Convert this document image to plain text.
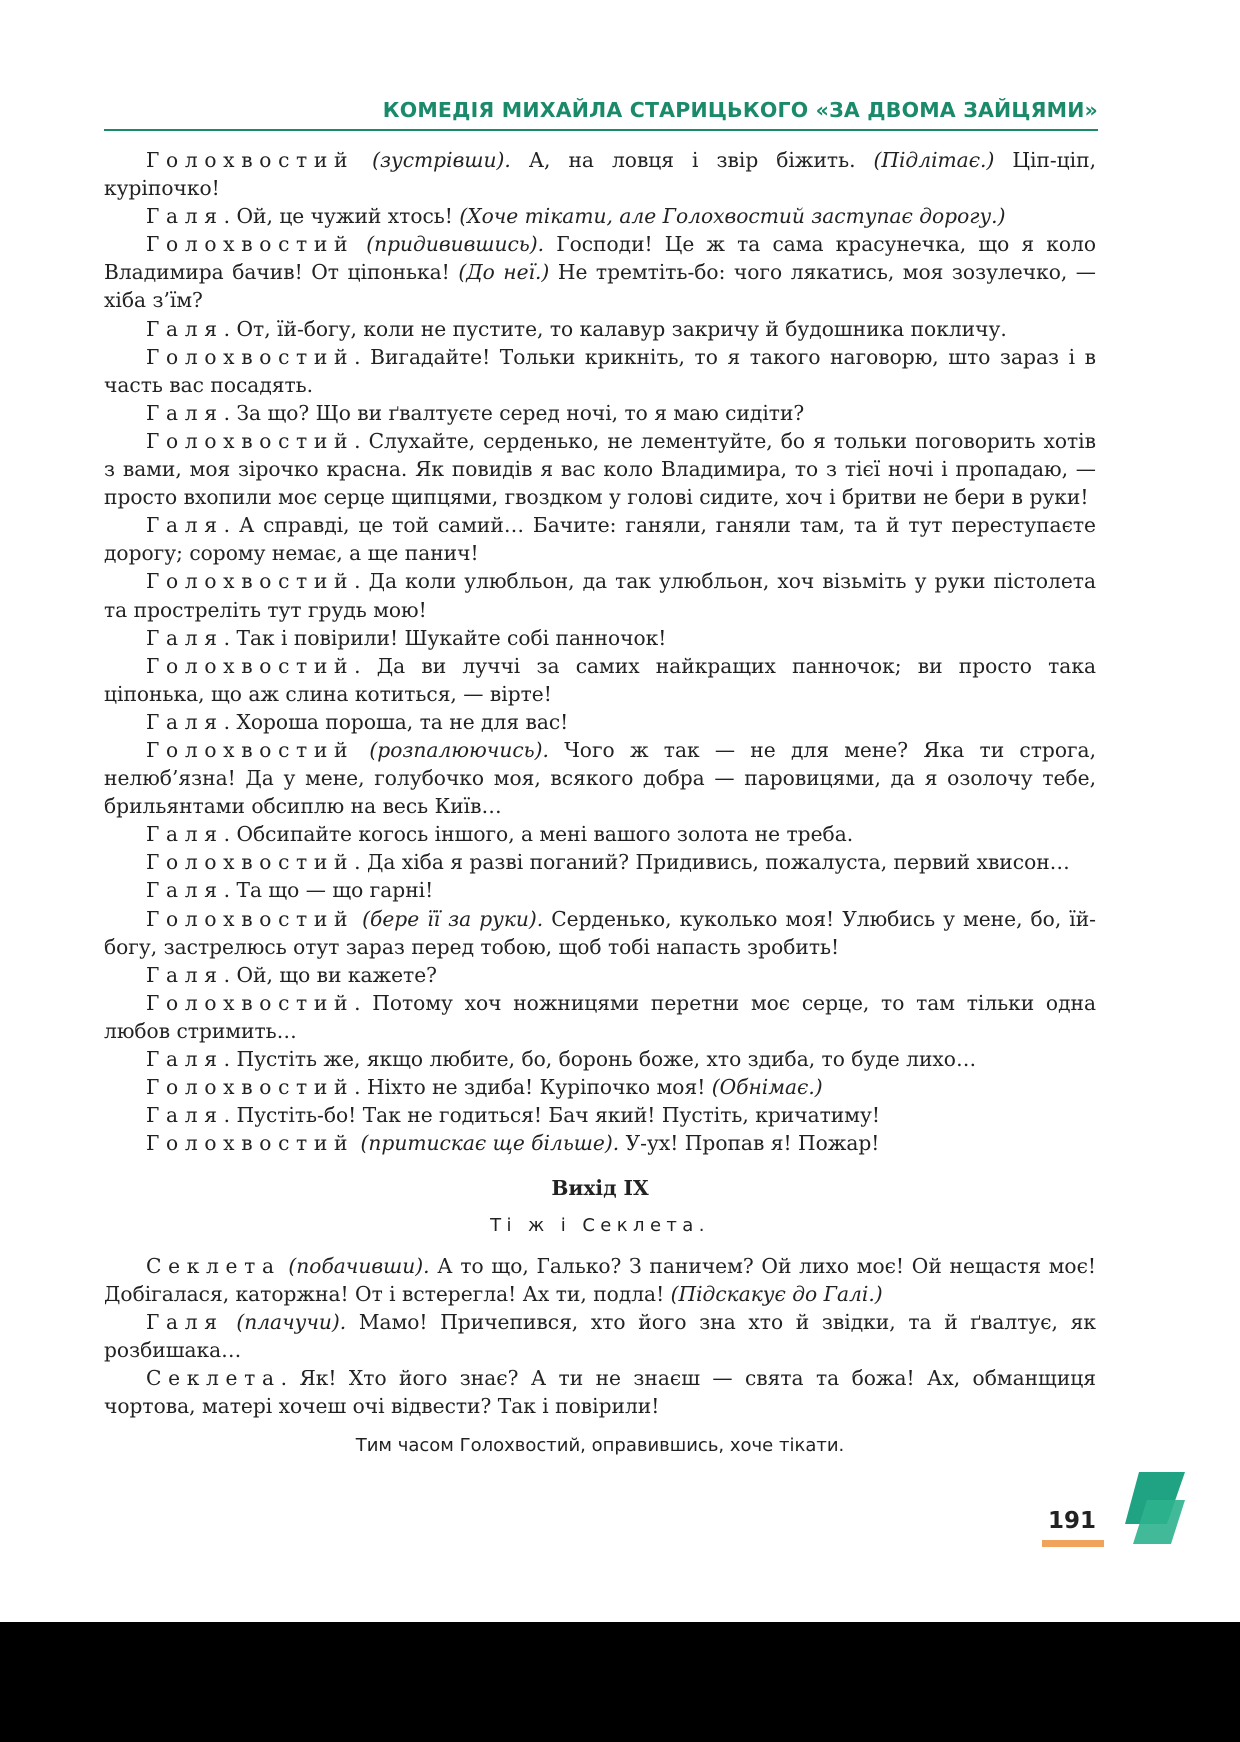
КОМЕДІЯ МИХАЙЛА СТАРИЦЬКОГО «ЗА ДВОМА ЗАЙЦЯМИ»

Голохвостий (зустрівши). А, на ловця і звір біжить. (Підлітає.) Ціп-ціп, куріпочко!

Галя. Ой, це чужий хтось! (Хоче тікати, але Голохвостий заступає дорогу.)

Голохвостий (придивившись). Господи! Це ж та сама красунечка, що я коло Владимира бачив! От ціпонька! (До неї.) Не тремтіть-бо: чого лякатись, моя зозулечко, — хіба з’їм?

Галя. От, їй-богу, коли не пустите, то калавур закричу й будошника покличу.

Голохвостий. Вигадайте! Тольки крикніть, то я такого наговорю, што зараз і в часть вас посадять.

Галя. За що? Що ви ґвалтуєте серед ночі, то я маю сидіти?

Голохвостий. Слухайте, серденько, не лементуйте, бо я тольки поговорить хотів з вами, моя зірочко красна. Як повидів я вас коло Владимира, то з тієї ночі і пропадаю, — просто вхопили моє серце щипцями, гвоздком у голові сидите, хоч і бритви не бери в руки!

Галя. А справді, це той самий… Бачите: ганяли, ганяли там, та й тут переступаєте дорогу; сорому немає, а ще панич!

Голохвостий. Да коли улюбльон, да так улюбльон, хоч візьміть у руки пістолета та простреліть тут грудь мою!

Галя. Так і повірили! Шукайте собі панночок!

Голохвостий. Да ви луччі за самих найкращих панночок; ви просто така ціпонька, що аж слина котиться, — вірте!

Галя. Хороша пороша, та не для вас!

Голохвостий (розпалюючись). Чого ж так — не для мене? Яка ти строга, нелюб’язна! Да у мене, голубочко моя, всякого добра — паровицями, да я озолочу тебе, брильянтами обсиплю на весь Київ…

Галя. Обсипайте когось іншого, а мені вашого золота не треба.

Голохвостий. Да хіба я разві поганий? Придивись, пожалуста, первий хвисон…

Галя. Та що — що гарні!

Голохвостий (бере її за руки). Серденько, куколько моя! Улюбись у мене, бо, їй-богу, застрелюсь отут зараз перед тобою, щоб тобі напасть зробить!

Галя. Ой, що ви кажете?

Голохвостий. Потому хоч ножницями перетни моє серце, то там тільки одна любов стримить…

Галя. Пустіть же, якщо любите, бо, боронь боже, хто здиба, то буде лихо…

Голохвостий. Ніхто не здиба! Куріпочко моя! (Обнімає.)

Галя. Пустіть-бо! Так не годиться! Бач який! Пустіть, кричатиму!

Голохвостий (притискає ще більше). У-ух! Пропав я! Пожар!

Вихід IX

Ті ж і Секлета.

Секлета (побачивши). А то що, Галько? З паничем? Ой лихо моє! Ой нещастя моє! Добігалася, каторжна! От і встерегла! Ах ти, подла! (Підскакує до Галі.)

Галя (плачучи). Мамо! Причепився, хто його зна хто й звідки, та й ґвалтує, як розбишака…

Секлета. Як! Хто його знає? А ти не знаєш — свята та божа! Ах, обманщиця чортова, матері хочеш очі відвести? Так і повірили!

Тим часом Голохвостий, оправившись, хоче тікати.

191
